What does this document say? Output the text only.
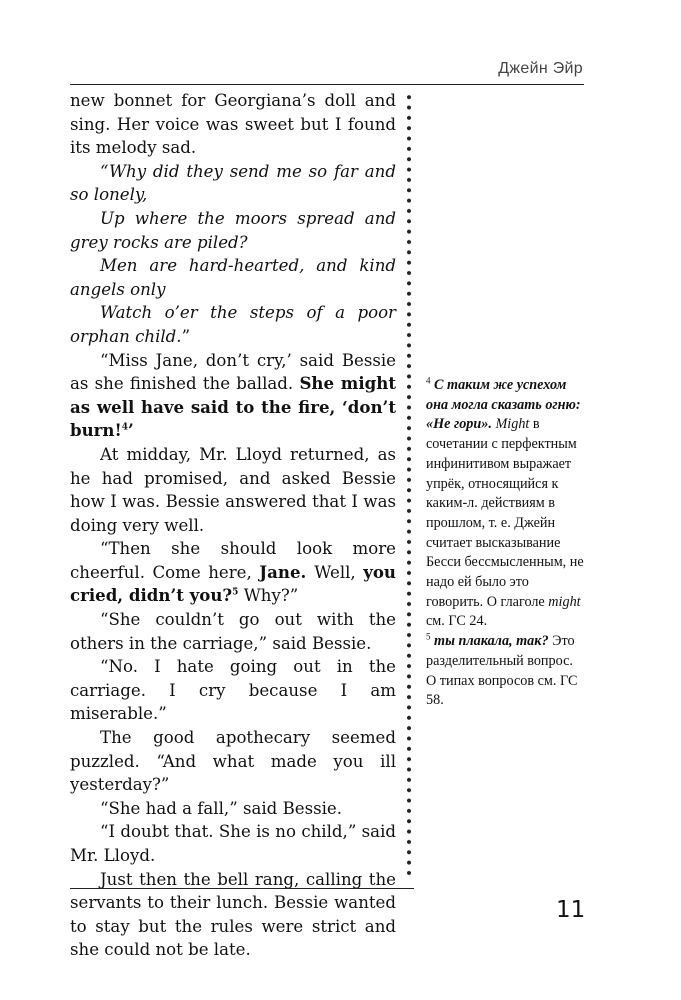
Джейн Эйр

new bonnet for Georgiana’s doll and sing. Her voice was sweet but I found its melody sad.

“Why did they send me so far and so lonely,

Up where the moors spread and grey rocks are piled?

Men are hard-hearted, and kind angels only

Watch o’er the steps of a poor orphan child.”

“Miss Jane, don’t cry,’ said Bessie as she finished the ballad. She might as well have said to the fire, ‘don’t burn!$^4$’

At midday, Mr. Lloyd returned, as he had promised, and asked Bessie how I was. Bessie answered that I was doing very well.

“Then she should look more cheerful. Come here, Jane. Well, you cried, didn’t you?$^5$ Why?”

“She couldn’t go out with the others in the carriage,” said Bessie.

“No. I hate going out in the carriage. I cry because I am miserable.”

The good apothecary seemed puzzled. “And what made you ill yesterday?”

“She had a fall,” said Bessie.

“I doubt that. She is no child,” said Mr. Lloyd.

Just then the bell rang, calling the servants to their lunch. Bessie wanted to stay but the rules were strict and she could not be late.

$^4$ С таким же успехом она могла сказать огню: «Не гори». Might в сочетании с перфектным инфинитивом выражает упрёк, относящийся к каким-л. действиям в прошлом, т. е. Джейн считает высказывание Бесси бессмысленным, не надо ей было это говорить. О глаголе might см. ГС 24.

$^5$ ты плакала, так? Это разделительный вопрос. О типах вопросов см. ГС 58.

11
